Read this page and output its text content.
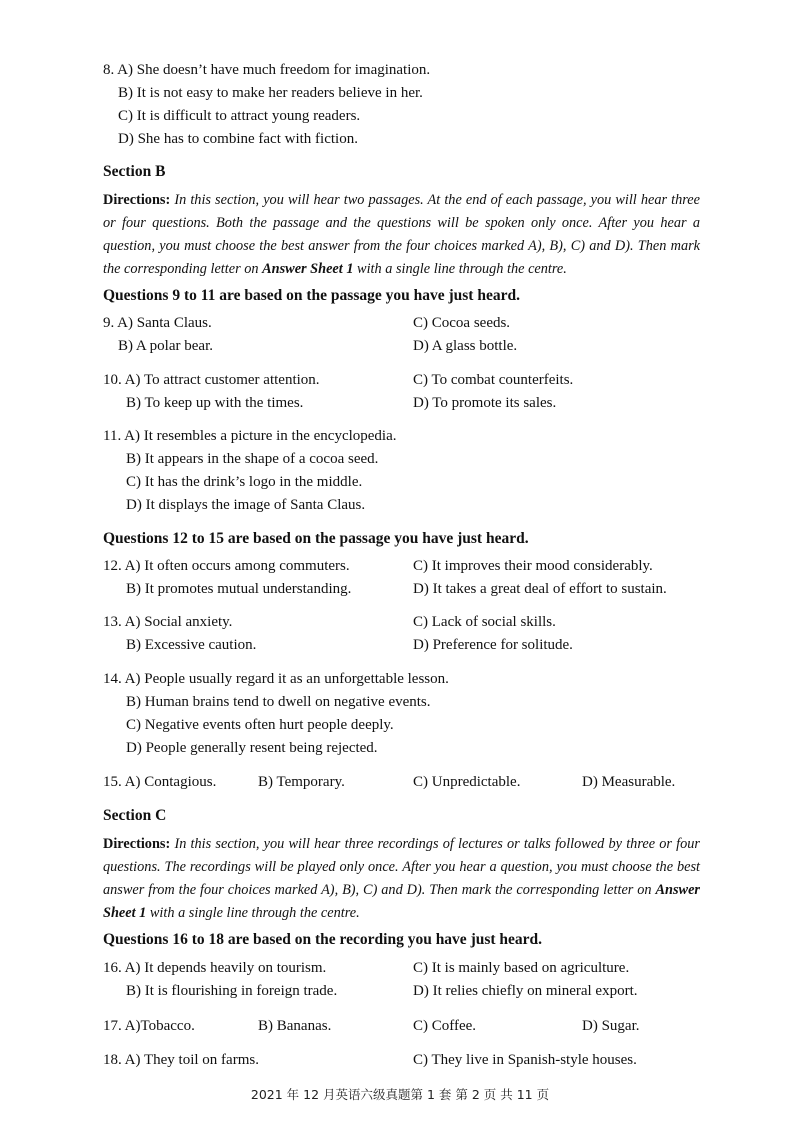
8. A) She doesn’t have much freedom for imagination.
B) It is not easy to make her readers believe in her.
C) It is difficult to attract young readers.
D) She has to combine fact with fiction.
Section B
Directions: In this section, you will hear two passages. At the end of each passage, you will hear three or four questions. Both the passage and the questions will be spoken only once. After you hear a question, you must choose the best answer from the four choices marked A), B), C) and D). Then mark the corresponding letter on Answer Sheet 1 with a single line through the centre.
Questions 9 to 11 are based on the passage you have just heard.
9. A) Santa Claus.	C) Cocoa seeds.
B) A polar bear.	D) A glass bottle.
10. A) To attract customer attention.	C) To combat counterfeits.
B) To keep up with the times.	D) To promote its sales.
11. A) It resembles a picture in the encyclopedia.
B) It appears in the shape of a cocoa seed.
C) It has the drink’s logo in the middle.
D) It displays the image of Santa Claus.
Questions 12 to 15 are based on the passage you have just heard.
12. A) It often occurs among commuters.	C) It improves their mood considerably.
B) It promotes mutual understanding.	D) It takes a great deal of effort to sustain.
13. A) Social anxiety.	C) Lack of social skills.
B) Excessive caution.	D) Preference for solitude.
14. A) People usually regard it as an unforgettable lesson.
B) Human brains tend to dwell on negative events.
C) Negative events often hurt people deeply.
D) People generally resent being rejected.
15. A) Contagious.	B) Temporary.	C) Unpredictable.	D) Measurable.
Section C
Directions: In this section, you will hear three recordings of lectures or talks followed by three or four questions. The recordings will be played only once. After you hear a question, you must choose the best answer from the four choices marked A), B), C) and D). Then mark the corresponding letter on Answer Sheet 1 with a single line through the centre.
Questions 16 to 18 are based on the recording you have just heard.
16. A) It depends heavily on tourism.	C) It is mainly based on agriculture.
B) It is flourishing in foreign trade.	D) It relies chiefly on mineral export.
17. A)Tobacco.	B) Bananas.	C) Coffee.	D) Sugar.
18. A) They toil on farms.	C) They live in Spanish-style houses.
2021 年 12 月英语六级真题第 1 套 第 2 页 共 11 页
